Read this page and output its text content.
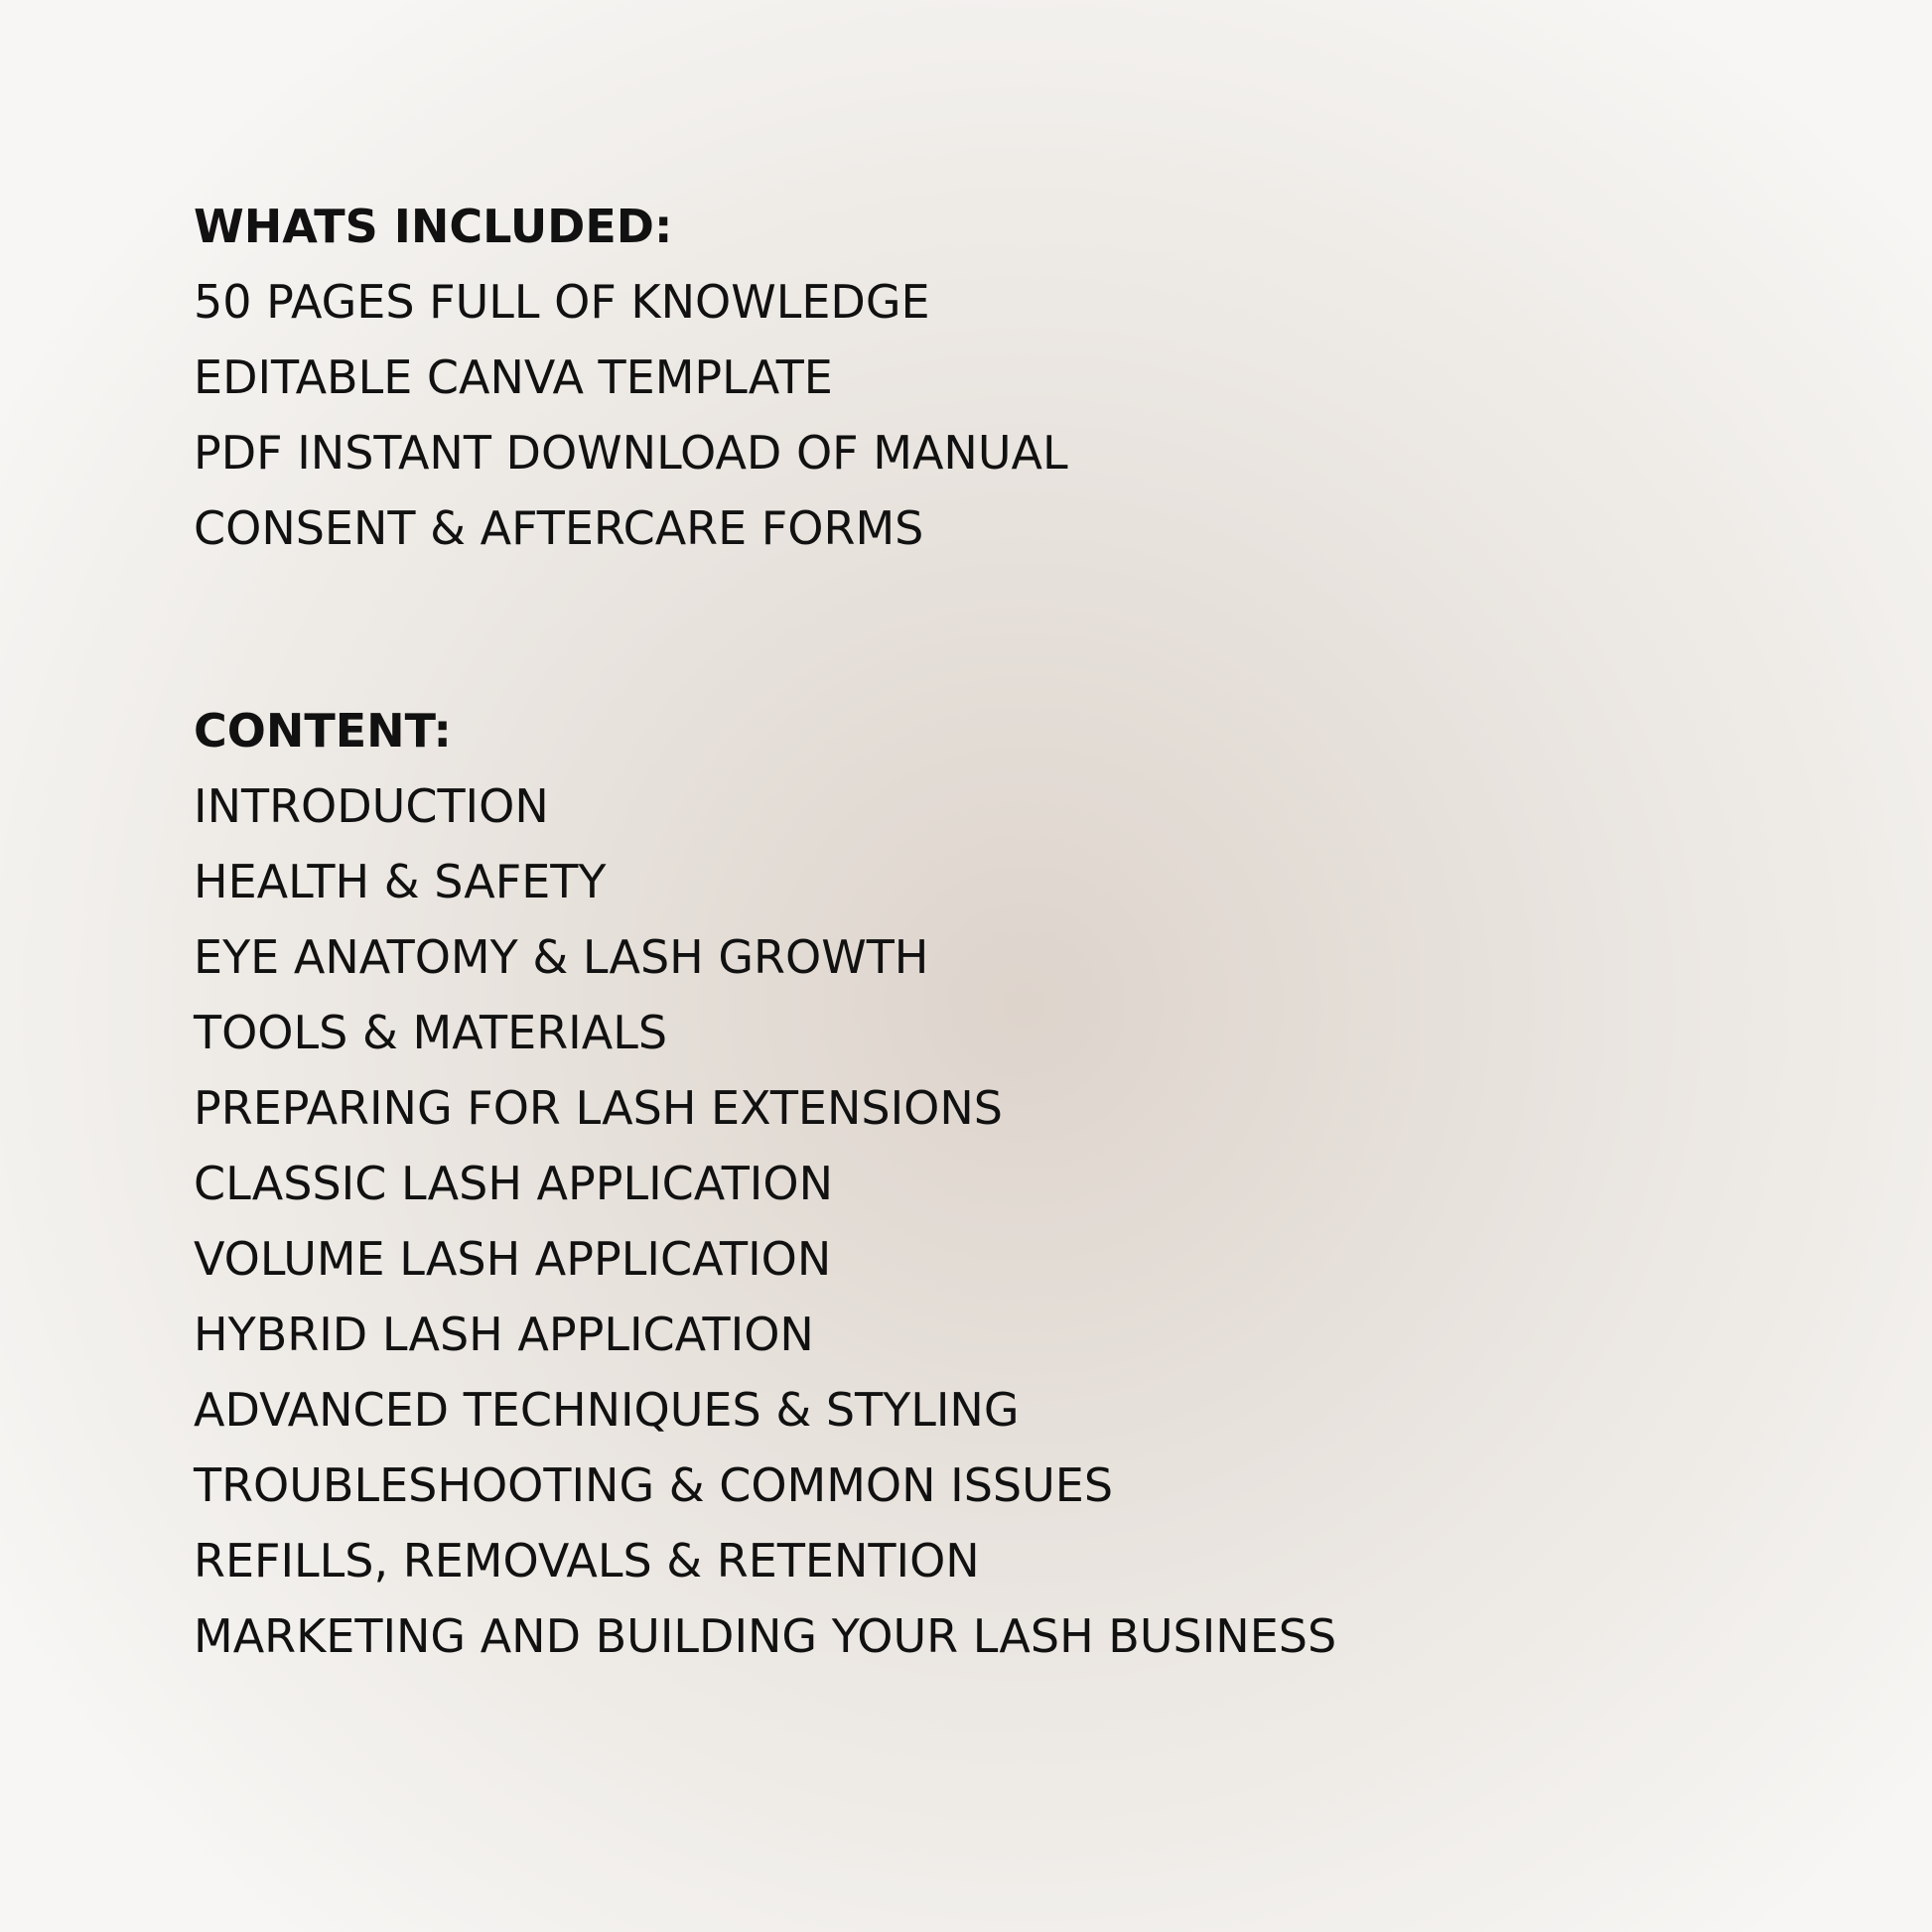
WHATS INCLUDED:
50 PAGES FULL OF KNOWLEDGE
EDITABLE CANVA TEMPLATE
PDF INSTANT DOWNLOAD OF MANUAL
CONSENT & AFTERCARE FORMS
CONTENT:
INTRODUCTION
HEALTH & SAFETY
EYE ANATOMY & LASH GROWTH
TOOLS & MATERIALS
PREPARING FOR LASH EXTENSIONS
CLASSIC LASH APPLICATION
VOLUME LASH APPLICATION
HYBRID LASH APPLICATION
ADVANCED TECHNIQUES & STYLING
TROUBLESHOOTING & COMMON ISSUES
REFILLS, REMOVALS & RETENTION
MARKETING AND BUILDING YOUR LASH BUSINESS
